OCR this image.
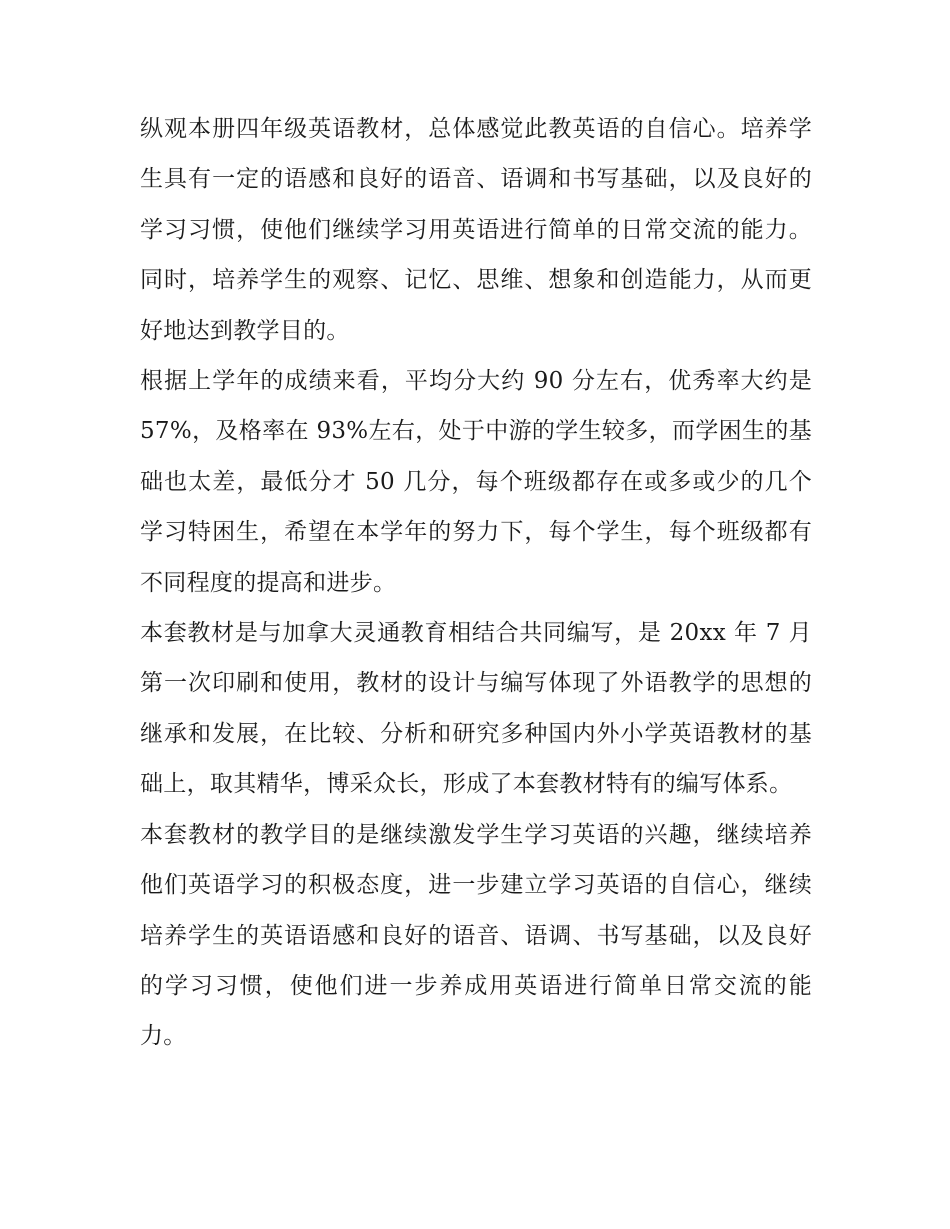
纵观本册四年级英语教材，总体感觉此教英语的自信心。培养学生具有一定的语感和良好的语音、语调和书写基础，以及良好的学习习惯，使他们继续学习用英语进行简单的日常交流的能力。同时，培养学生的观察、记忆、思维、想象和创造能力，从而更好地达到教学目的。

根据上学年的成绩来看，平均分大约 90 分左右，优秀率大约是 57%，及格率在 93%左右，处于中游的学生较多，而学困生的基础也太差，最低分才 50 几分，每个班级都存在或多或少的几个学习特困生，希望在本学年的努力下，每个学生，每个班级都有不同程度的提高和进步。

本套教材是与加拿大灵通教育相结合共同编写，是 20xx 年 7 月第一次印刷和使用，教材的设计与编写体现了外语教学的思想的继承和发展，在比较、分析和研究多种国内外小学英语教材的基础上，取其精华，博采众长，形成了本套教材特有的编写体系。

本套教材的教学目的是继续激发学生学习英语的兴趣，继续培养他们英语学习的积极态度，进一步建立学习英语的自信心，继续培养学生的英语语感和良好的语音、语调、书写基础，以及良好的学习习惯，使他们进一步养成用英语进行简单日常交流的能力。
